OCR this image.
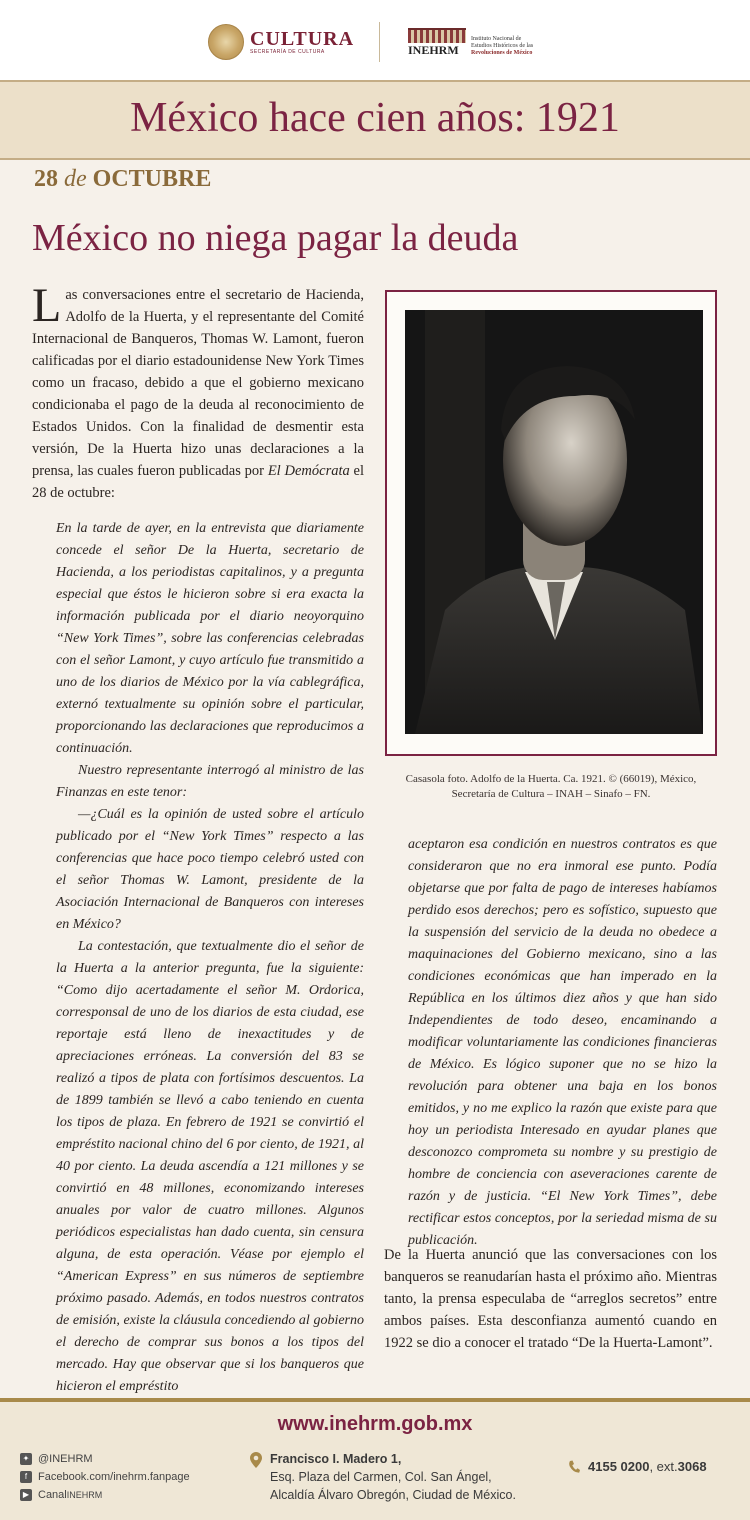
CULTURA
SECRETARÍA DE CULTURA	INEHRM
Instituto Nacional de
Estudios Históricos de las
Revoluciones de México
México hace cien años: 1921
28 de OCTUBRE
México no niega pagar la deuda
Las conversaciones entre el secretario de Hacienda, Adolfo de la Huerta, y el representante del Comité Internacional de Banqueros, Thomas W. Lamont, fueron calificadas por el diario estadounidense New York Times como un fracaso, debido a que el gobierno mexicano condicionaba el pago de la deuda al reconocimiento de Estados Unidos. Con la finalidad de desmentir esta versión, De la Huerta hizo unas declaraciones a la prensa, las cuales fueron publicadas por El Demócrata el 28 de octubre:

En la tarde de ayer, en la entrevista que diariamente concede el señor De la Huerta, secretario de Hacienda, a los periodistas capitalinos, y a pregunta especial que éstos le hicieron sobre si era exacta la información publicada por el diario neoyorquino “New York Times”, sobre las conferencias celebradas con el señor Lamont, y cuyo artículo fue transmitido a uno de los diarios de México por la vía cablegráfica, externó textualmente su opinión sobre el particular, proporcionando las declaraciones que reproducimos a continuación.

Nuestro representante interrogó al ministro de las Finanzas en este tenor:

—¿Cuál es la opinión de usted sobre el artículo publicado por el “New York Times” respecto a las conferencias que hace poco tiempo celebró usted con el señor Thomas W. Lamont, presidente de la Asociación Internacional de Banqueros con intereses en México?

La contestación, que textualmente dio el señor de la Huerta a la anterior pregunta, fue la siguiente: “Como dijo acertadamente el señor M. Ordorica, corresponsal de uno de los diarios de esta ciudad, ese reportaje está lleno de inexactitudes y de apreciaciones erróneas. La conversión del 83 se realizó a tipos de plata con fortísimos descuentos. La de 1899 también se llevó a cabo teniendo en cuenta los tipos de plaza. En febrero de 1921 se convirtió el empréstito nacional chino del 6 por ciento, de 1921, al 40 por ciento. La deuda ascendía a 121 millones y se convirtió en 48 millones, economizando intereses anuales por valor de cuatro millones. Algunos periódicos especialistas han dado cuenta, sin censura alguna, de esta operación. Véase por ejemplo el “American Express” en sus números de septiembre próximo pasado. Además, en todos nuestros contratos de emisión, existe la cláusula concediendo al gobierno el derecho de comprar sus bonos a los tipos del mercado. Hay que observar que si los banqueros que hicieron el empréstito

Casasola foto. Adolfo de la Huerta. Ca. 1921. © (66019), México,
Secretaría de Cultura – INAH – Sinafo – FN.
aceptaron esa condición en nuestros contratos es que consideraron que no era inmoral ese punto. Podía objetarse que por falta de pago de intereses habíamos perdido esos derechos; pero es sofístico, supuesto que la suspensión del servicio de la deuda no obedece a maquinaciones del Gobierno mexicano, sino a las condiciones económicas que han imperado en la República en los últimos diez años y que han sido Independientes de todo deseo, encaminando a modificar voluntariamente las condiciones financieras de México. Es lógico suponer que no se hizo la revolución para obtener una baja en los bonos emitidos, y no me explico la razón que existe para que hoy un periodista Interesado en ayudar planes que desconozco comprometa su nombre y su prestigio de hombre de conciencia con aseveraciones carente de razón y de justicia. “El New York Times”, debe rectificar estos conceptos, por la seriedad misma de su publicación.
De la Huerta anunció que las conversaciones con los banqueros se reanudarían hasta el próximo año. Mientras tanto, la prensa especulaba de “arreglos secretos” entre ambos países. Esta desconfianza aumentó cuando en 1922 se dio a conocer el tratado “De la Huerta-Lamont”.
www.inehrm.gob.mx
✦ @INEHRM
f Facebook.com/inehrm.fanpage
▶ Canal INEHRM
Francisco I. Madero 1,
Esq. Plaza del Carmen, Col. San Ángel,
Alcaldía Álvaro Obregón, Ciudad de México.
4155 0200 , ext. 3068
